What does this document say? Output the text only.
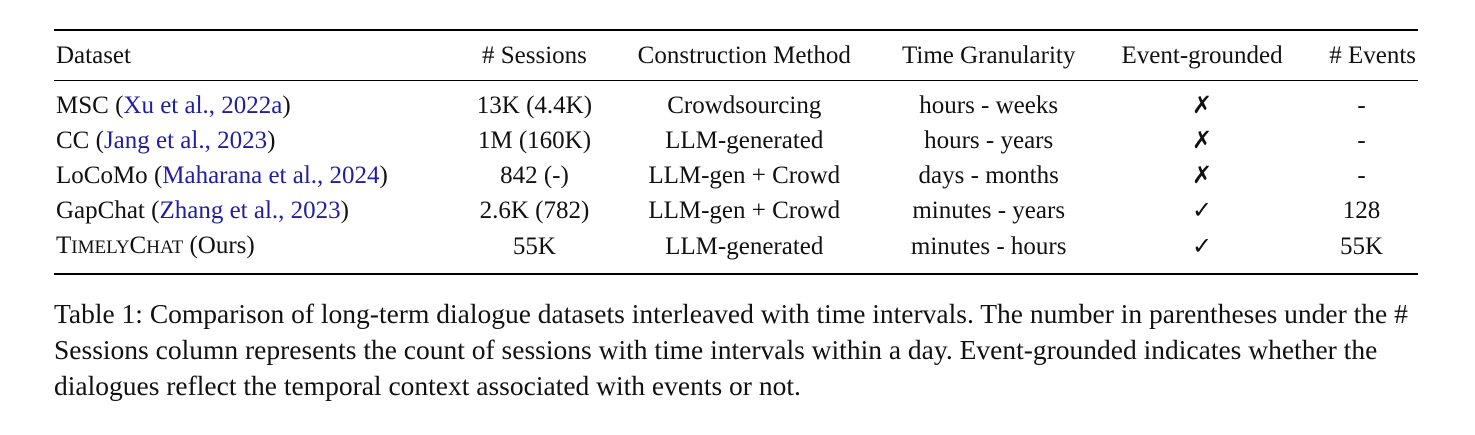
Dataset	# Sessions	Construction Method	Time Granularity	Event-grounded	# Events
MSC (Xu et al., 2022a)	13K (4.4K)	Crowdsourcing	hours - weeks	✗	-
CC (Jang et al., 2023)	1M (160K)	LLM-generated	hours - years	✗	-
LoCoMo (Maharana et al., 2024)	842 (-)	LLM-gen + Crowd	days - months	✗	-
GapChat (Zhang et al., 2023)	2.6K (782)	LLM-gen + Crowd	minutes - years	✓	128
TIMELYCHAT (Ours)	55K	LLM-generated	minutes - hours	✓	55K

Table 1: Comparison of long-term dialogue datasets interleaved with time intervals. The number in parentheses under the # Sessions column represents the count of sessions with time intervals within a day. Event-grounded indicates whether the dialogues reflect the temporal context associated with events or not.
